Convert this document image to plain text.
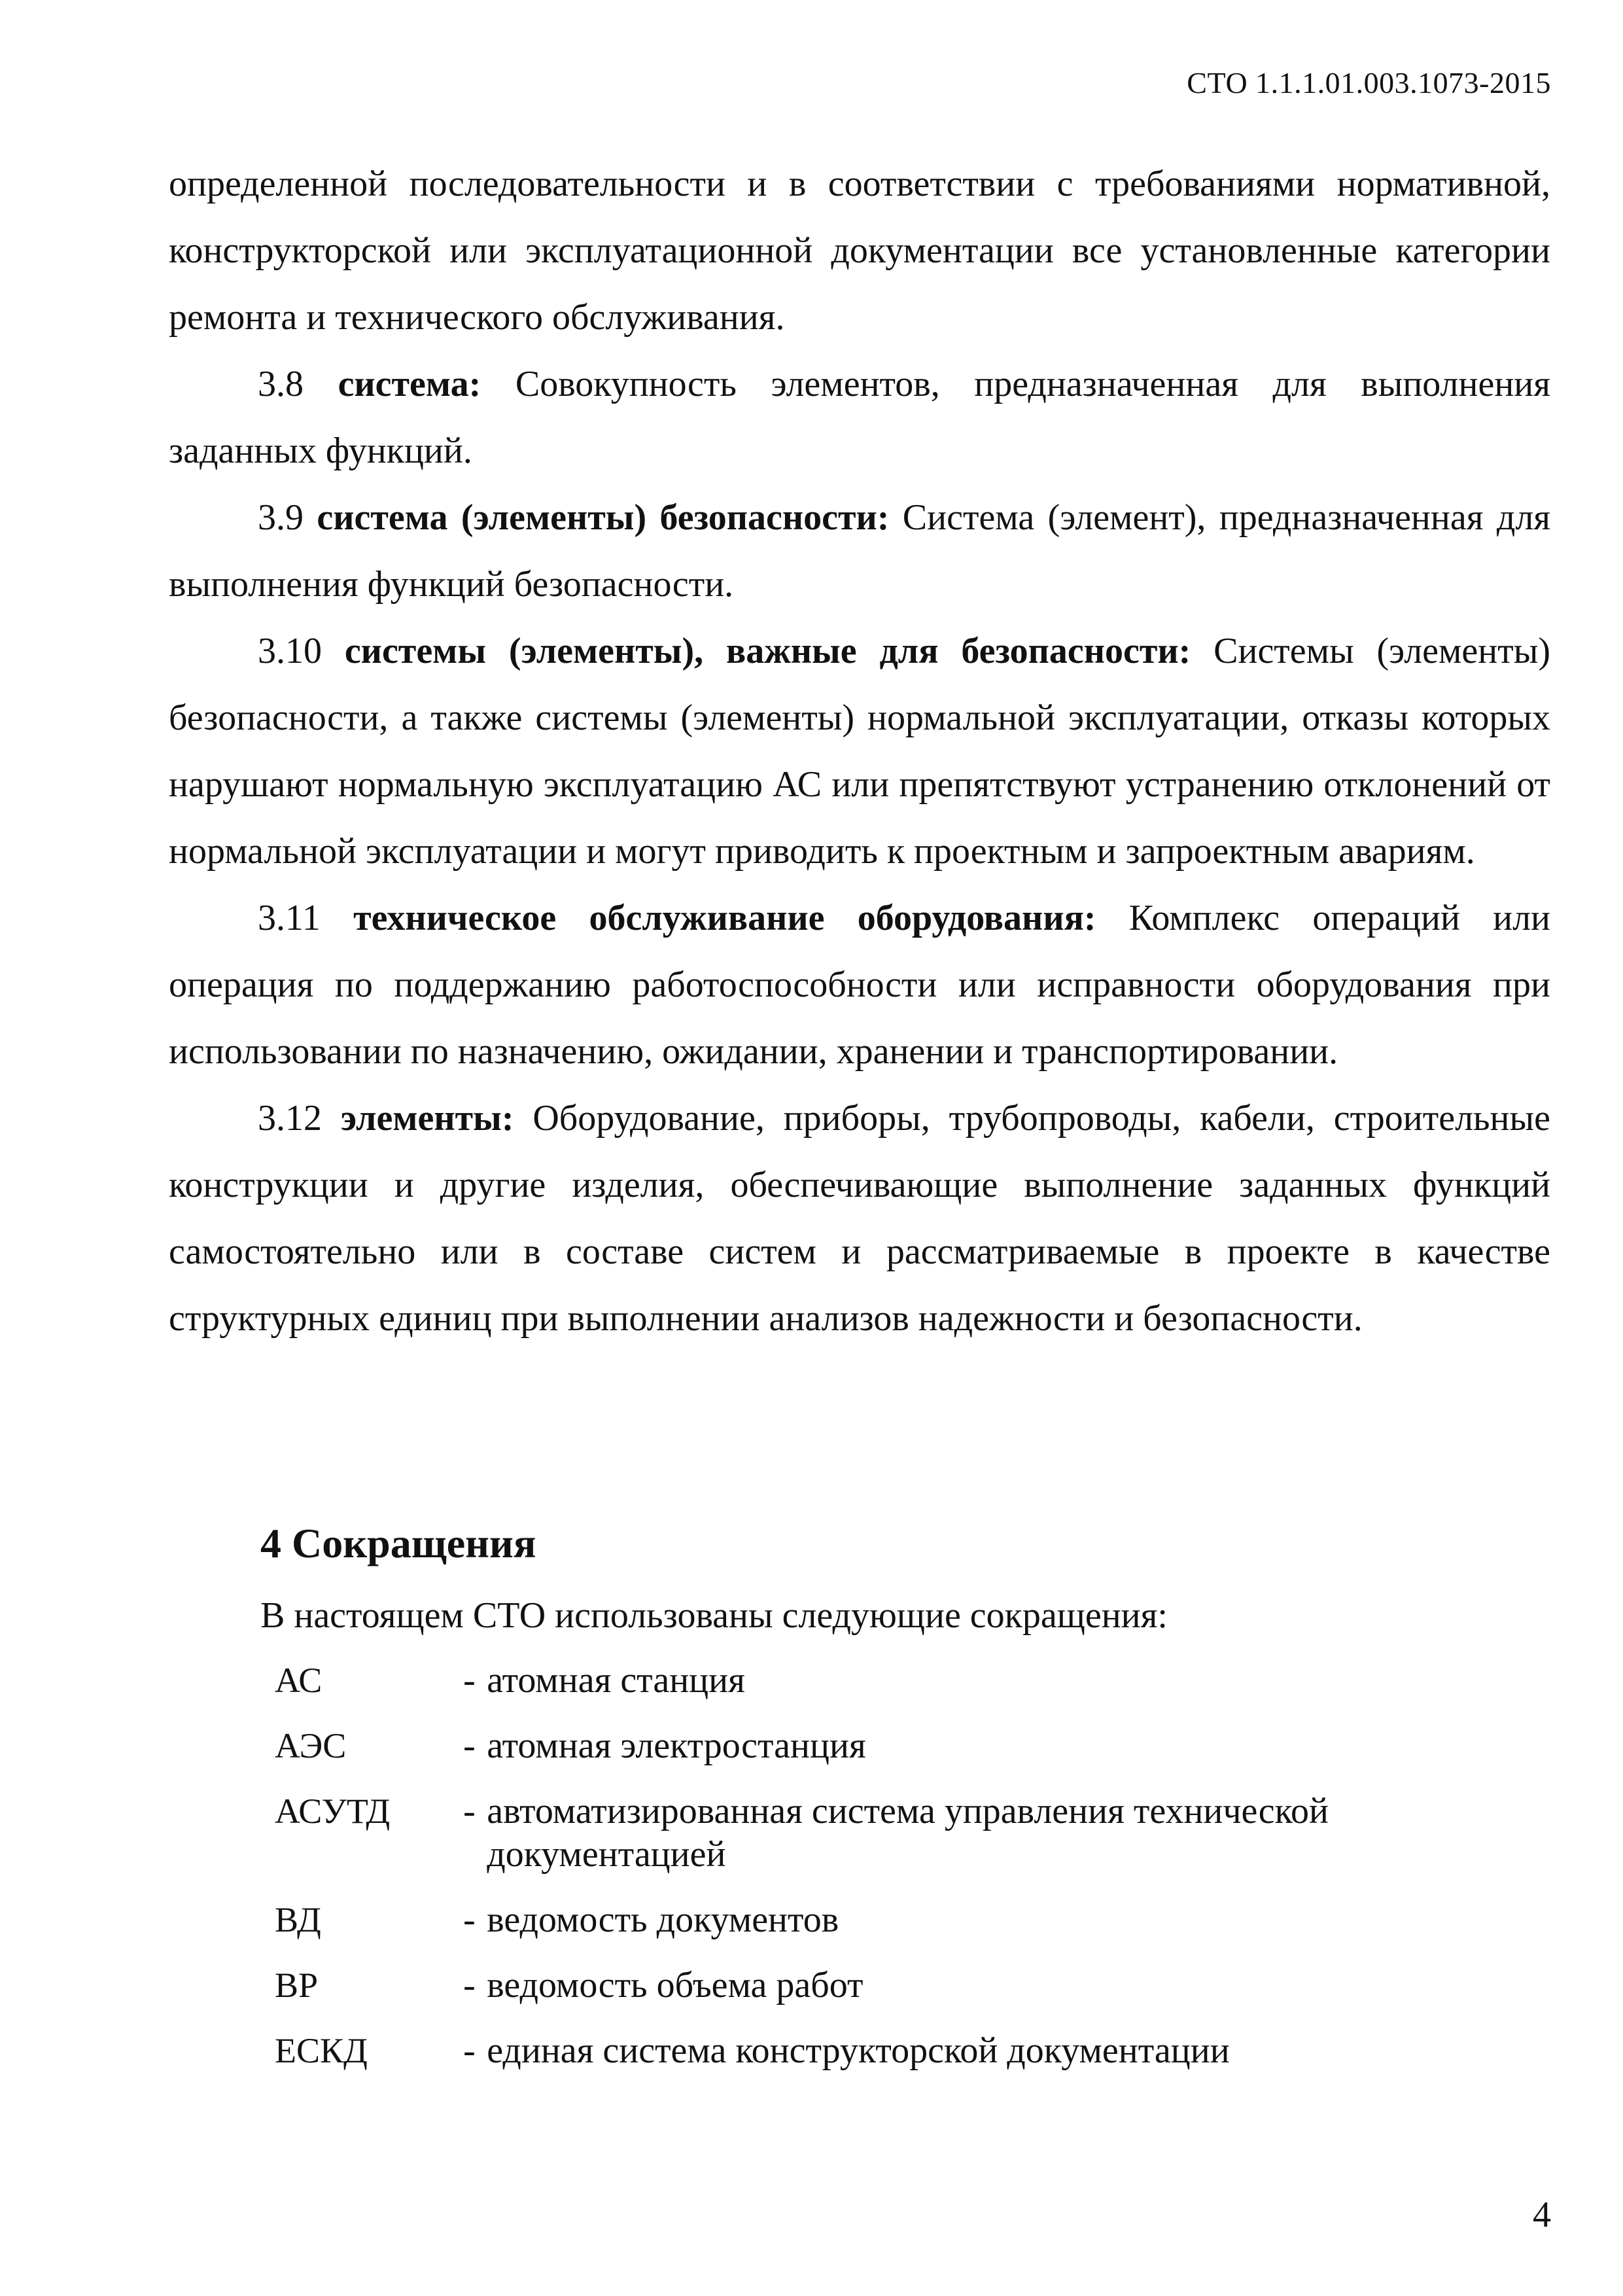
СТО 1.1.1.01.003.1073-2015

определенной последовательности и в соответствии с требованиями нормативной, конструкторской или эксплуатационной документации все установленные категории ремонта и технического обслуживания.

3.8 система: Совокупность элементов, предназначенная для выполнения заданных функций.

3.9 система (элементы) безопасности: Система (элемент), предназначенная для выполнения функций безопасности.

3.10 системы (элементы), важные для безопасности: Системы (элементы) безопасности, а также системы (элементы) нормальной эксплуатации, отказы которых нарушают нормальную эксплуатацию АС или препятствуют устранению отклонений от нормальной эксплуатации и могут приводить к проектным и запроектным авариям.

3.11 техническое обслуживание оборудования: Комплекс операций или операция по поддержанию работоспособности или исправности оборудования при использовании по назначению, ожидании, хранении и транспортировании.

3.12 элементы: Оборудование, приборы, трубопроводы, кабели, строительные конструкции и другие изделия, обеспечивающие выполнение заданных функций самостоятельно или в составе систем и рассматриваемые в проекте в качестве структурных единиц при выполнении анализов надежности и безопасности.

4 Сокращения
В настоящем СТО использованы следующие сокращения:
АС	-	атомная станция
АЭС	-	атомная электростанция
АСУТД	-	автоматизированная система управления технической документацией
ВД	-	ведомость документов
ВР	-	ведомость объема работ
ЕСКД	-	единая система конструкторской документации
4
